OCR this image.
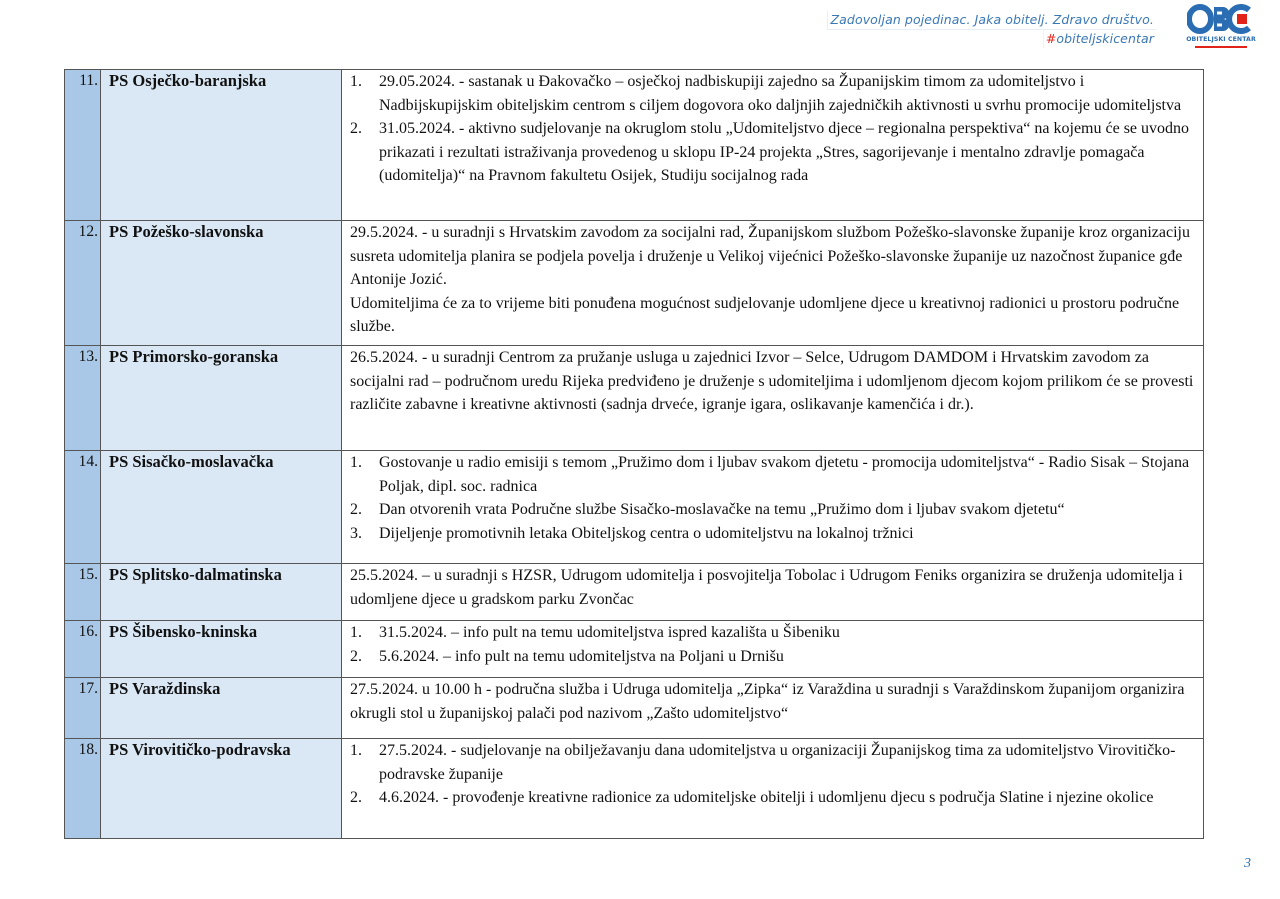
Zadovoljan pojedinac. Jaka obitelj. Zdravo društvo.
#obiteljskicentar	OBITELJSKI CENTAR
11.	PS Osječko-baranjska	1. 29.05.2024. - sastanak u Đakovačko – osječkoj nadbiskupiji zajedno sa Županijskim timom za udomiteljstvo i Nadbijskupijskim obiteljskim centrom s ciljem dogovora oko daljnjih zajedničkih aktivnosti u svrhu promocije udomiteljstva
2. 31.05.2024. - aktivno sudjelovanje na okruglom stolu „Udomiteljstvo djece – regionalna perspektiva“ na kojemu će se uvodno prikazati i rezultati istraživanja provedenog u sklopu IP-24 projekta „Stres, sagorijevanje i mentalno zdravlje pomagača (udomitelja)“ na Pravnom fakultetu Osijek, Studiju socijalnog rada

12.	PS Požeško-slavonska	29.5.2024. - u suradnji s Hrvatskim zavodom za socijalni rad, Županijskom službom Požeško-slavonske županije kroz organizaciju susreta udomitelja planira se podjela povelja i druženje u Velikoj vijećnici Požeško-slavonske županije uz nazočnost županice gđe Antonije Jozić.

Udomiteljima će za to vrijeme biti ponuđena mogućnost sudjelovanje udomljene djece u kreativnoj radionici u prostoru područne službe.

13.	PS Primorsko-goranska	26.5.2024. - u suradnji Centrom za pružanje usluga u zajednici Izvor – Selce, Udrugom DAMDOM i Hrvatskim zavodom za socijalni rad – područnom uredu Rijeka predviđeno je druženje s udomiteljima i udomljenom djecom kojom prilikom će se provesti različite zabavne i kreativne aktivnosti (sadnja drveće, igranje igara, oslikavanje kamenčića i dr.).

14.	PS Sisačko-moslavačka	1. Gostovanje u radio emisiji s temom „Pružimo dom i ljubav svakom djetetu - promocija udomiteljstva“ - Radio Sisak – Stojana Poljak, dipl. soc. radnica
2. Dan otvorenih vrata Područne službe Sisačko-moslavačke na temu „Pružimo dom i ljubav svakom djetetu“
3. Dijeljenje promotivnih letaka Obiteljskog centra o udomiteljstvu na lokalnoj tržnici

15.	PS Splitsko-dalmatinska	25.5.2024. – u suradnji s HZSR, Udrugom udomitelja i posvojitelja Tobolac i Udrugom Feniks organizira se druženja udomitelja i udomljene djece u gradskom parku Zvončac

16.	PS Šibensko-kninska	1. 31.5.2024. – info pult na temu udomiteljstva ispred kazališta u Šibeniku
2. 5.6.2024. – info pult na temu udomiteljstva na Poljani u Drnišu

17.	PS Varaždinska	27.5.2024. u 10.00 h - područna služba i Udruga udomitelja „Zipka“ iz Varaždina u suradnji s Varaždinskom županijom organizira okrugli stol u županijskoj palači pod nazivom „Zašto udomiteljstvo“

18.	PS Virovitičko-podravska	1. 27.5.2024. - sudjelovanje na obilježavanju dana udomiteljstva u organizaciji Županijskog tima za udomiteljstvo Virovitičko-podravske županije
2. 4.6.2024. - provođenje kreativne radionice za udomiteljske obitelji i udomljenu djecu s područja Slatine i njezine okolice
3
